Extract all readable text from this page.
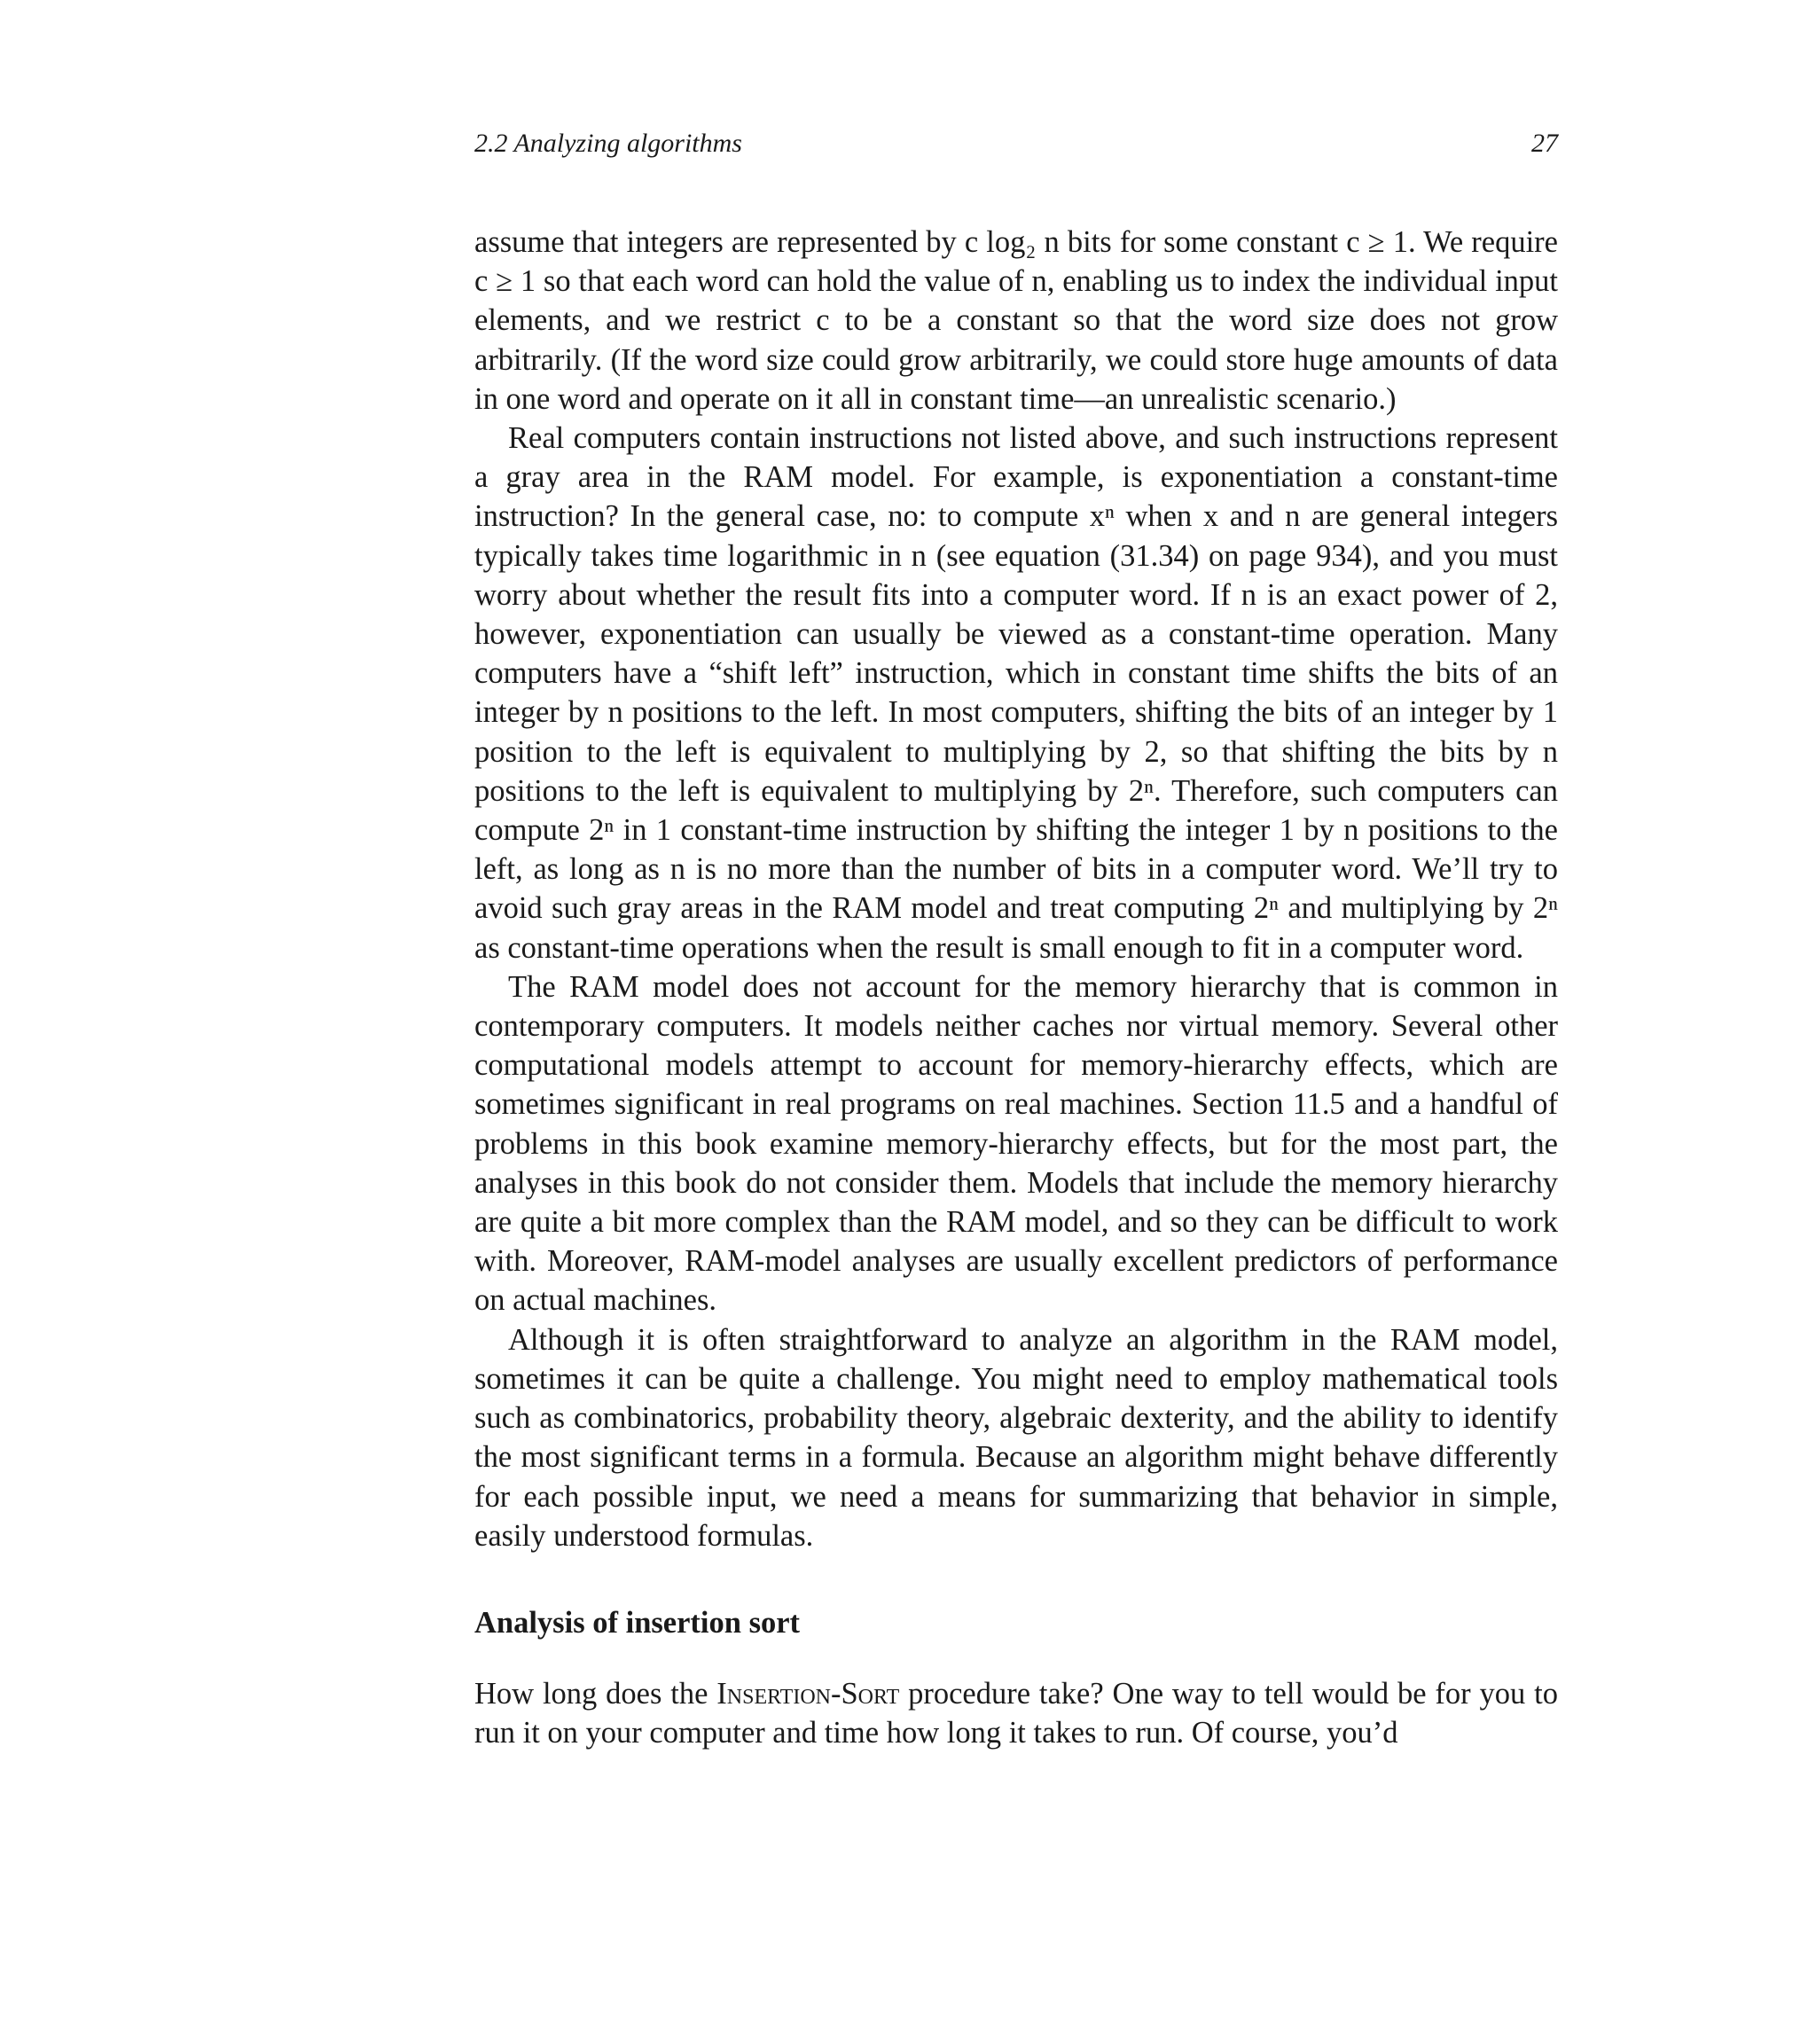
2.2 Analyzing algorithms	27

assume that integers are represented by c log₂ n bits for some constant c ≥ 1. We require c ≥ 1 so that each word can hold the value of n, enabling us to index the individual input elements, and we restrict c to be a constant so that the word size does not grow arbitrarily. (If the word size could grow arbitrarily, we could store huge amounts of data in one word and operate on it all in constant time—an unrealistic scenario.)

Real computers contain instructions not listed above, and such instructions represent a gray area in the RAM model. For example, is exponentiation a constant-time instruction? In the general case, no: to compute xⁿ when x and n are general integers typically takes time logarithmic in n (see equation (31.34) on page 934), and you must worry about whether the result fits into a computer word. If n is an exact power of 2, however, exponentiation can usually be viewed as a constant-time operation. Many computers have a “shift left” instruction, which in constant time shifts the bits of an integer by n positions to the left. In most computers, shifting the bits of an integer by 1 position to the left is equivalent to multiplying by 2, so that shifting the bits by n positions to the left is equivalent to multiplying by 2ⁿ. Therefore, such computers can compute 2ⁿ in 1 constant-time instruction by shifting the integer 1 by n positions to the left, as long as n is no more than the number of bits in a computer word. We’ll try to avoid such gray areas in the RAM model and treat computing 2ⁿ and multiplying by 2ⁿ as constant-time operations when the result is small enough to fit in a computer word.

The RAM model does not account for the memory hierarchy that is common in contemporary computers. It models neither caches nor virtual memory. Several other computational models attempt to account for memory-hierarchy effects, which are sometimes significant in real programs on real machines. Section 11.5 and a handful of problems in this book examine memory-hierarchy effects, but for the most part, the analyses in this book do not consider them. Models that include the memory hierarchy are quite a bit more complex than the RAM model, and so they can be difficult to work with. Moreover, RAM-model analyses are usually excellent predictors of performance on actual machines.

Although it is often straightforward to analyze an algorithm in the RAM model, sometimes it can be quite a challenge. You might need to employ mathematical tools such as combinatorics, probability theory, algebraic dexterity, and the ability to identify the most significant terms in a formula. Because an algorithm might behave differently for each possible input, we need a means for summarizing that behavior in simple, easily understood formulas.

Analysis of insertion sort

How long does the Insertion-Sort procedure take? One way to tell would be for you to run it on your computer and time how long it takes to run. Of course, you’d
